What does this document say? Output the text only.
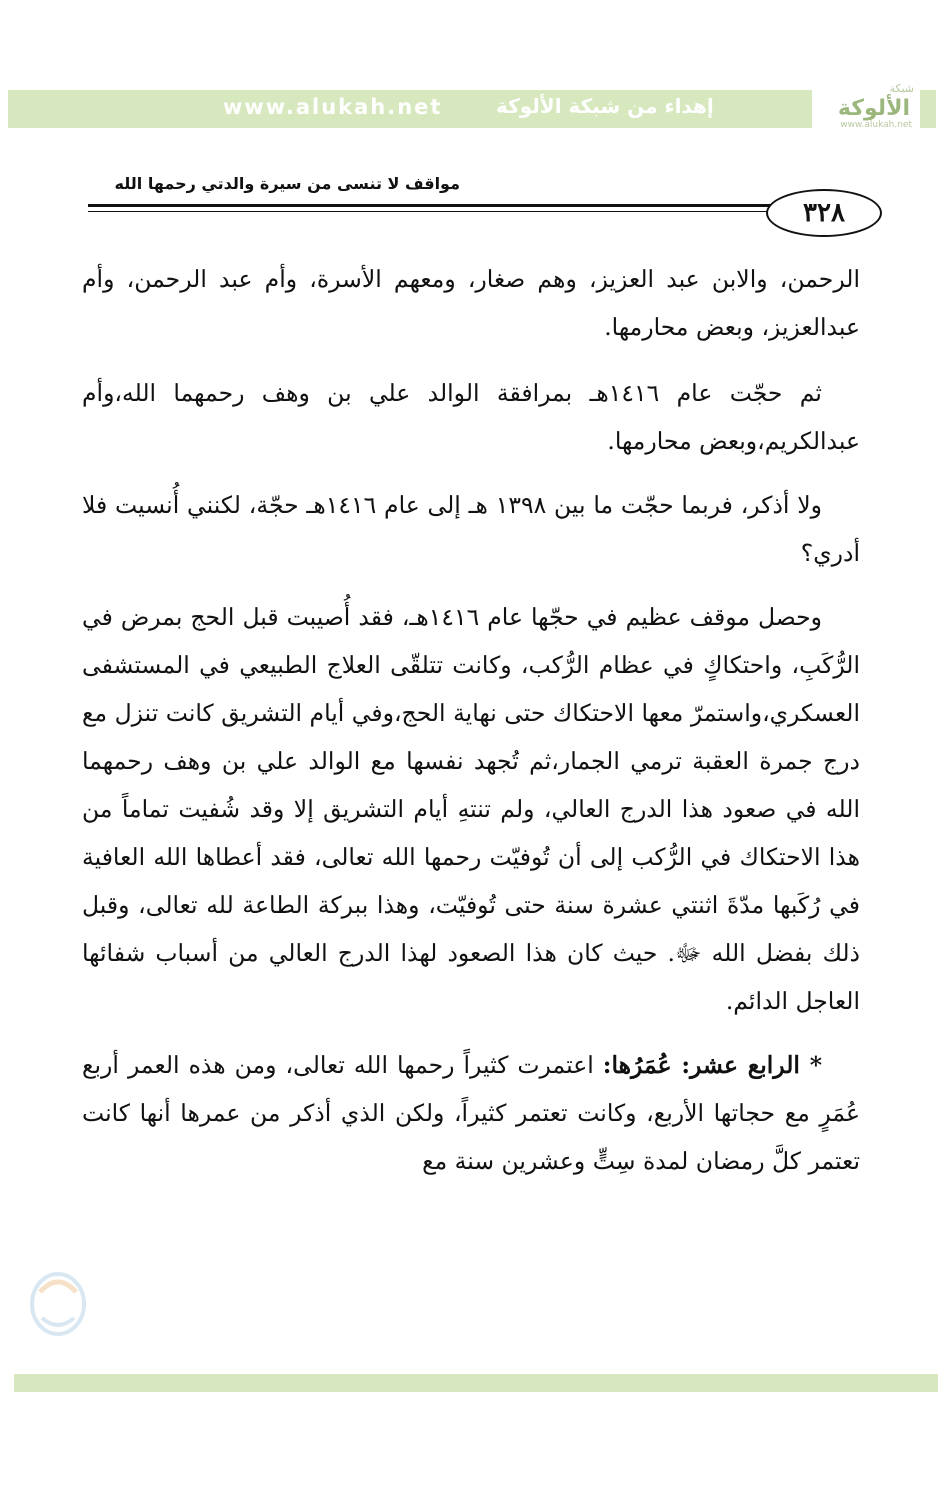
www.alukah.net	إهداء من شبكة الألوكة
شبكة
الألوكة
www.alukah.net
مواقف لا تنسى من سيرة والدتي رحمها الله
٣٢٨

الرحمن، والابن عبد العزيز، وهم صغار، ومعهم الأسرة، وأم عبد الرحمن، وأم عبدالعزيز، وبعض محارمها.

ثم حجّت عام ١٤١٦هـ بمرافقة الوالد علي بن وهف رحمهما الله،وأم عبدالكريم،وبعض محارمها.

ولا أذكر، فربما حجّت ما بين ١٣٩٨ هـ إلى عام ١٤١٦هـ حجّة، لكنني أُنسيت فلا أدري؟

وحصل موقف عظيم في حجّها عام ١٤١٦هـ، فقد أُصيبت قبل الحج بمرض في الرُّكَبِ، واحتكاكٍ في عظام الرُّكب، وكانت تتلقّى العلاج الطبيعي في المستشفى العسكري،واستمرّ معها الاحتكاك حتى نهاية الحج،وفي أيام التشريق كانت تنزل مع درج جمرة العقبة ترمي الجمار،ثم تُجهد نفسها مع الوالد علي بن وهف رحمهما الله في صعود هذا الدرج العالي، ولم تنتهِ أيام التشريق إلا وقد شُفيت تماماً من هذا الاحتكاك في الرُّكب إلى أن تُوفيّت رحمها الله تعالى، فقد أعطاها الله العافية في رُكَبها مدّةَ اثنتي عشرة سنة حتى تُوفيّت، وهذا ببركة الطاعة لله تعالى، وقبل ذلك بفضل الله ﷻ. حيث كان هذا الصعود لهذا الدرج العالي من أسباب شفائها العاجل الدائم.

* الرابع عشر: عُمَرُها: اعتمرت كثيراً رحمها الله تعالى، ومن هذه العمر أربع عُمَرٍ مع حجاتها الأربع، وكانت تعتمر كثيراً، ولكن الذي أذكر من عمرها أنها كانت تعتمر كلَّ رمضان لمدة سِتٍّ وعشرين سنة مع
